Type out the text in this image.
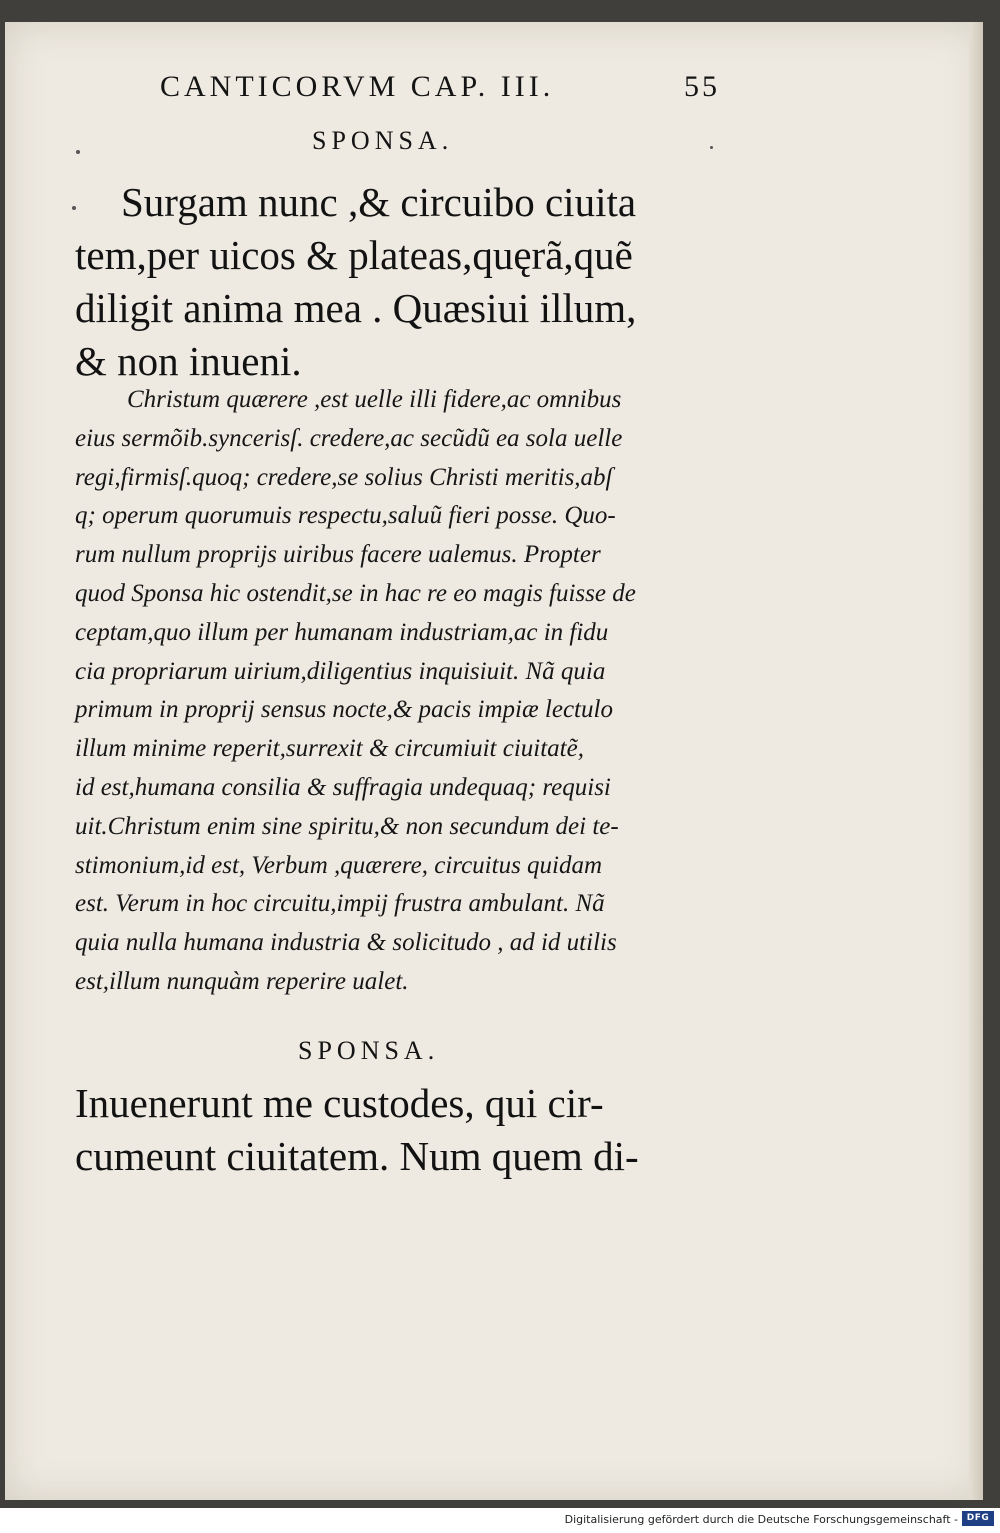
CANTICORVM CAP. III.	55
SPONSA.
Surgam nunc ,& circuibo ciuita
tem,per uicos & plateas,quęrã,quẽ
diligit anima mea . Quæsiui illum,
& non inueni.
Christum quærere ,est uelle illi fidere,ac omnibus
eius sermõib.syncerisſ. credere,ac secũdũ ea sola uelle
regi,firmisſ.quoq; credere,se solius Christi meritis,abſ
q; operum quorumuis respectu,saluũ fieri posse. Quo-
rum nullum proprijs uiribus facere ualemus. Propter
quod Sponsa hic ostendit,se in hac re eo magis fuisse de
ceptam,quo illum per humanam industriam,ac in fidu
cia propriarum uirium,diligentius inquisiuit. Nã quia
primum in proprij sensus nocte,& pacis impiæ lectulo
illum minime reperit,surrexit & circumiuit ciuitatẽ,
id est,humana consilia & suffragia undequaq; requisi
uit.Christum enim sine spiritu,& non secundum dei te-
stimonium,id est, Verbum ,quærere, circuitus quidam
est. Verum in hoc circuitu,impij frustra ambulant. Nã
quia nulla humana industria & solicitudo , ad id utilis
est,illum nunquàm reperire ualet.
SPONSA.
Inuenerunt me custodes, qui cir-
cumeunt ciuitatem. Num quem di-
Digitalisierung gefördert durch die Deutsche Forschungsgemeinschaft - DFG
